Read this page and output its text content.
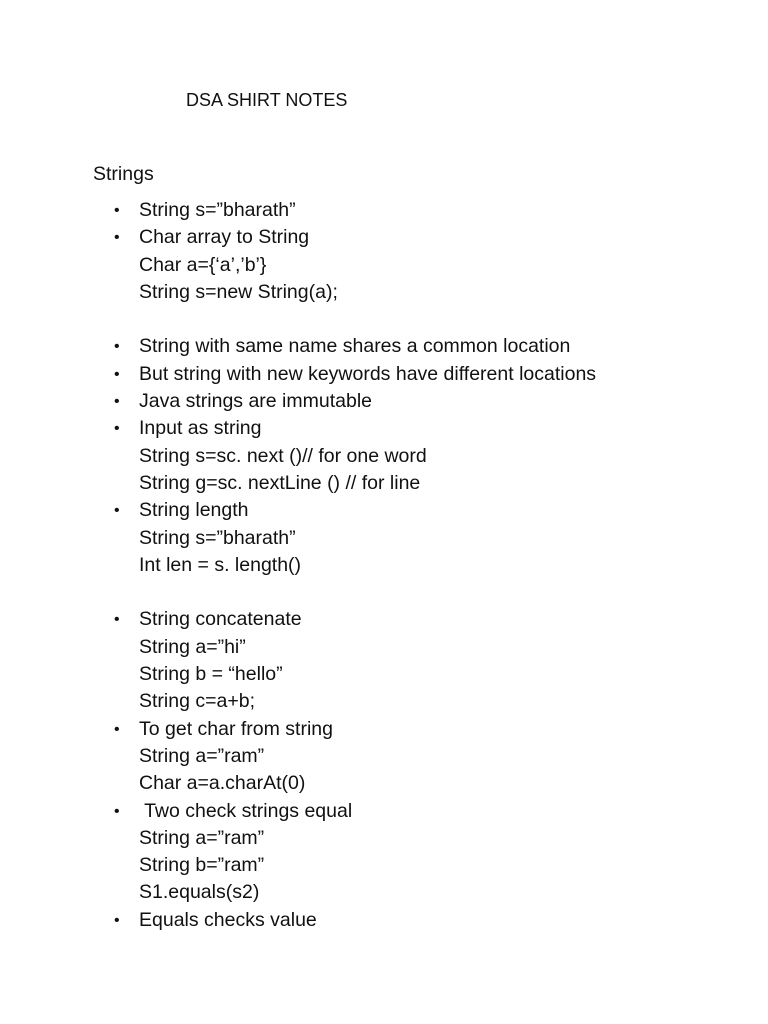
DSA SHIRT NOTES
Strings
• String s=”bharath”
• Char array to String
Char a={‘a’,’b’}
String s=new String(a);
• String with same name shares a common location
• But string with new keywords have different locations
• Java strings are immutable
• Input as string
String s=sc. next ()// for one word
String g=sc. nextLine () // for line
• String length
String s=”bharath”
Int len = s. length()
• String concatenate
String a=”hi”
String b = “hello”
String c=a+b;
• To get char from string
String a=”ram”
Char a=a.charAt(0)
• Two check strings equal
String a=”ram”
String b=”ram”
S1.equals(s2)
• Equals checks value
